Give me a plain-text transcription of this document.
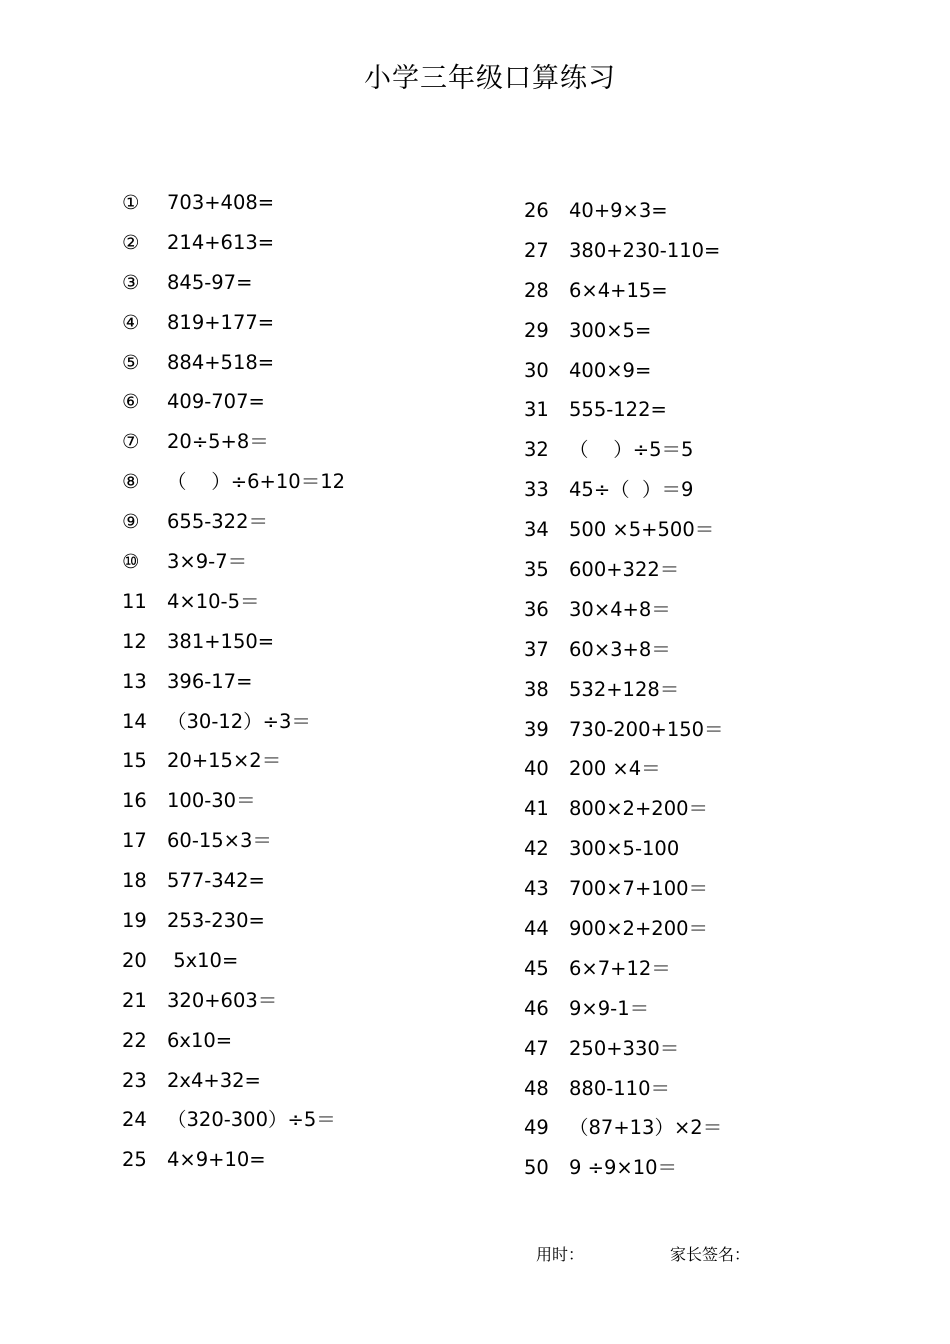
小学三年级口算练习
①	703+408=
②	214+613=
③	845-97=
④	819+177=
⑤	884+518=
⑥	409-707=
⑦	20÷5+8＝
⑧	（    ）÷6+10＝12
⑨	655-322＝
⑩	3×9-7＝
11	4×10-5＝
12	381+150=
13	396-17=
14	（30-12）÷3＝
15	20+15×2＝
16	100-30＝
17	60-15×3＝
18	577-342=
19	253-230=
20	5x10=
21	320+603＝
22	6x10=
23	2x4+32=
24	（320-300）÷5＝
25	4×9+10=
26	40+9×3=
27	380+230-110=
28	6×4+15=
29	300×5=
30	400×9=
31	555-122=
32	（    ）÷5＝5
33	45÷（  ）＝9
34	500 ×5+500＝
35	600+322＝
36	30×4+8＝
37	60×3+8＝
38	532+128＝
39	730-200+150＝
40	200 ×4＝
41	800×2+200＝
42	300×5-100
43	700×7+100＝
44	900×2+200＝
45	6×7+12＝
46	9×9-1＝
47	250+330＝
48	880-110＝
49	（87+13）×2＝
50	9 ÷9×10＝
用时：	家长签名：
